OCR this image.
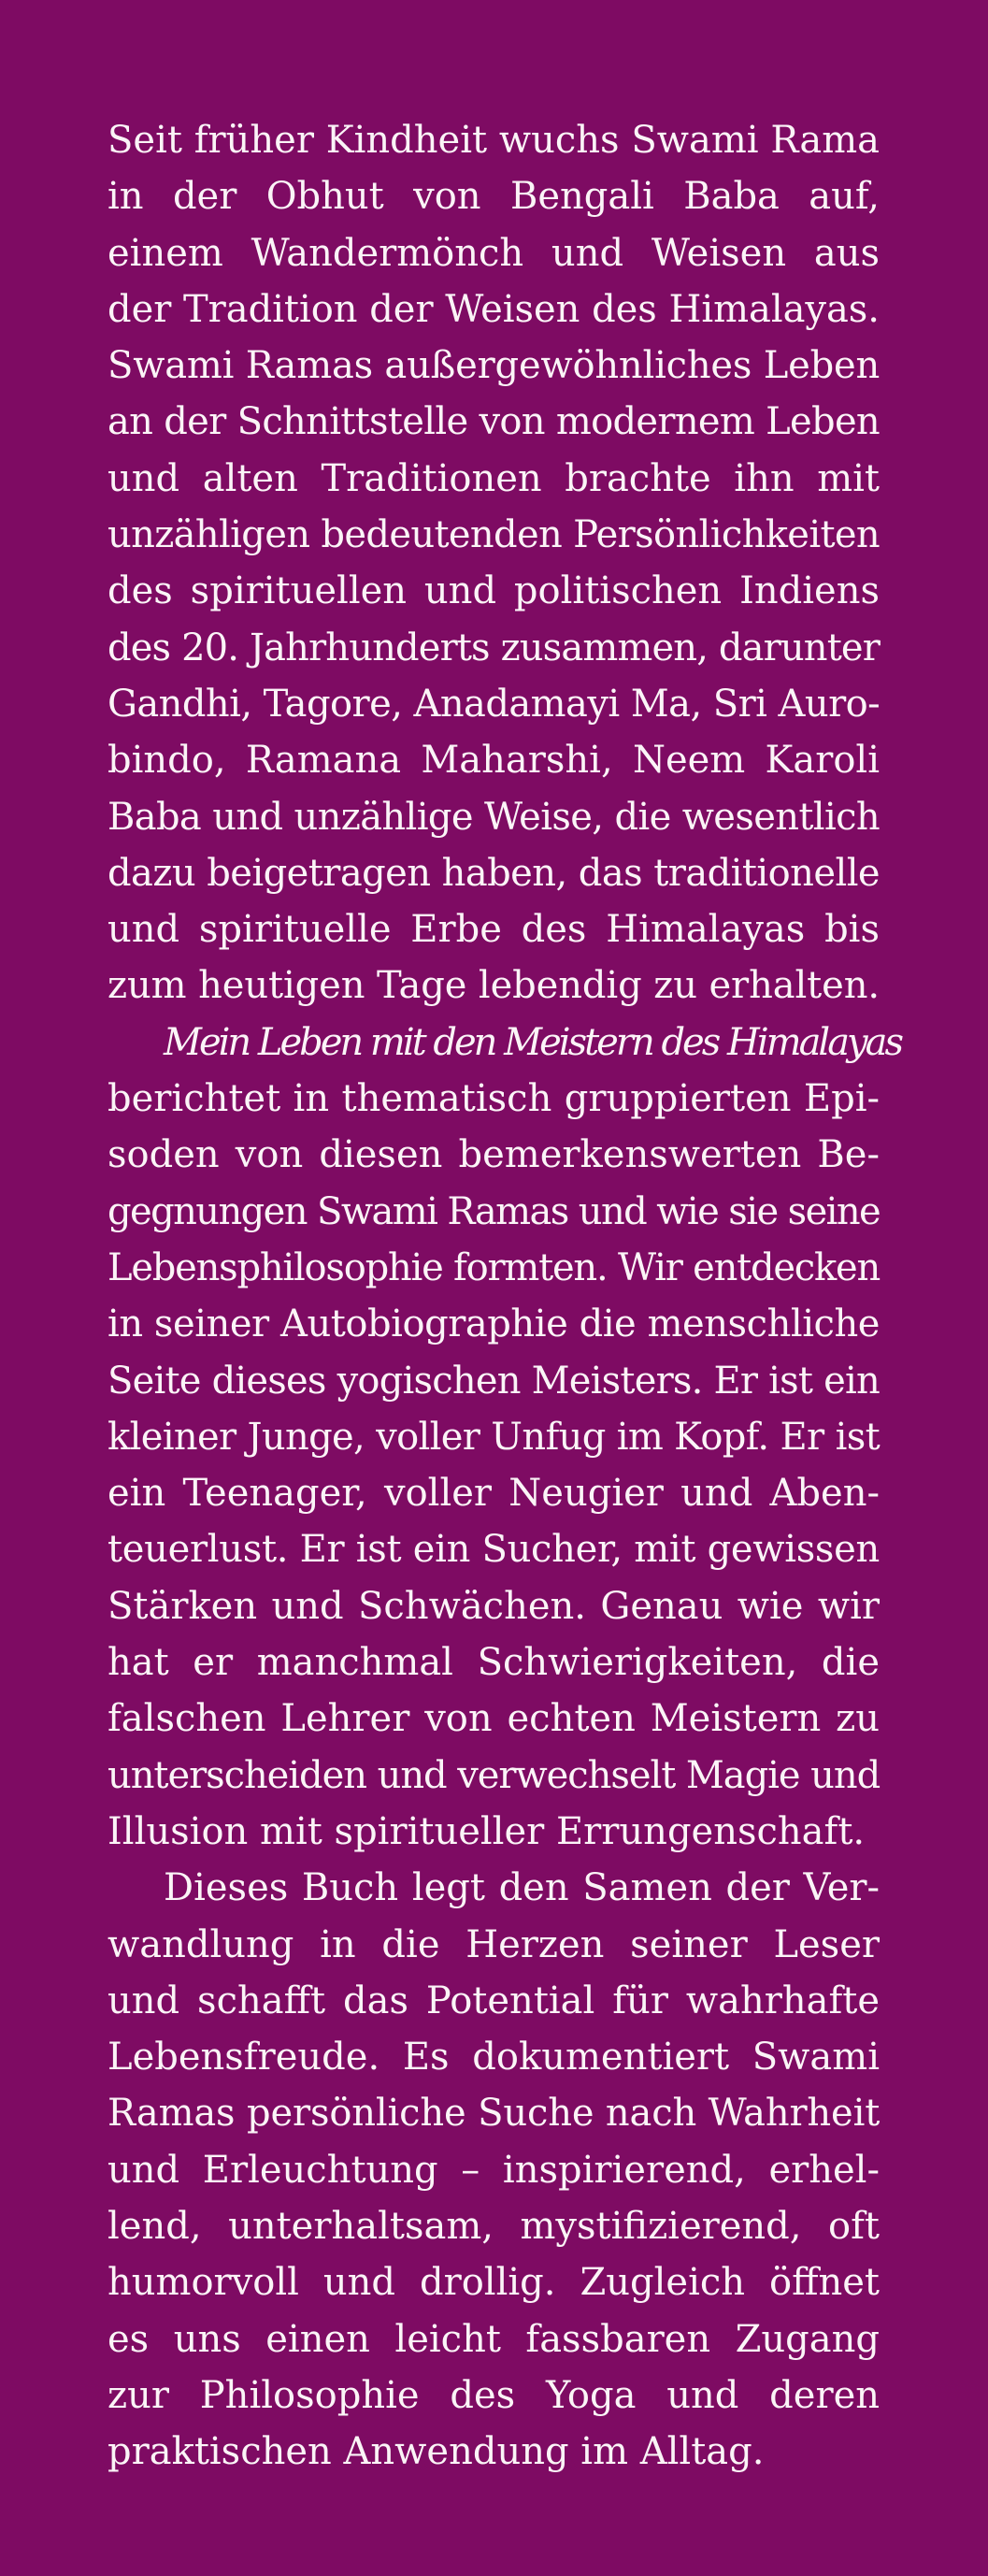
Seit früher Kindheit wuchs Swami Rama
in der Obhut von Bengali Baba auf,
einem Wandermönch und Weisen aus
der Tradition der Weisen des Himalayas.
Swami Ramas außergewöhnliches Leben
an der Schnittstelle von modernem Leben
und alten Traditionen brachte ihn mit
unzähligen bedeutenden Persönlichkeiten
des spirituellen und politischen Indiens
des 20. Jahrhunderts zusammen, darunter
Gandhi, Tagore, Anadamayi Ma, Sri Auro-
bindo, Ramana Maharshi, Neem Karoli
Baba und unzählige Weise, die wesentlich
dazu beigetragen haben, das traditionelle
und spirituelle Erbe des Himalayas bis
zum heutigen Tage lebendig zu erhalten.

Mein Leben mit den Meistern des Himalayas
berichtet in thematisch gruppierten Epi-
soden von diesen bemerkenswerten Be-
gegnungen Swami Ramas und wie sie seine
Lebensphilosophie formten. Wir entdecken
in seiner Autobiographie die menschliche
Seite dieses yogischen Meisters. Er ist ein
kleiner Junge, voller Unfug im Kopf. Er ist
ein Teenager, voller Neugier und Aben-
teuerlust. Er ist ein Sucher, mit gewissen
Stärken und Schwächen. Genau wie wir
hat er manchmal Schwierigkeiten, die
falschen Lehrer von echten Meistern zu
unterscheiden und verwechselt Magie und
Illusion mit spiritueller Errungenschaft.

Dieses Buch legt den Samen der Ver-
wandlung in die Herzen seiner Leser
und schafft das Potential für wahrhafte
Lebensfreude. Es dokumentiert Swami
Ramas persönliche Suche nach Wahrheit
und Erleuchtung – inspirierend, erhel-
lend, unterhaltsam, mystifizierend, oft
humorvoll und drollig. Zugleich öffnet
es uns einen leicht fassbaren Zugang
zur Philosophie des Yoga und deren
praktischen Anwendung im Alltag.
